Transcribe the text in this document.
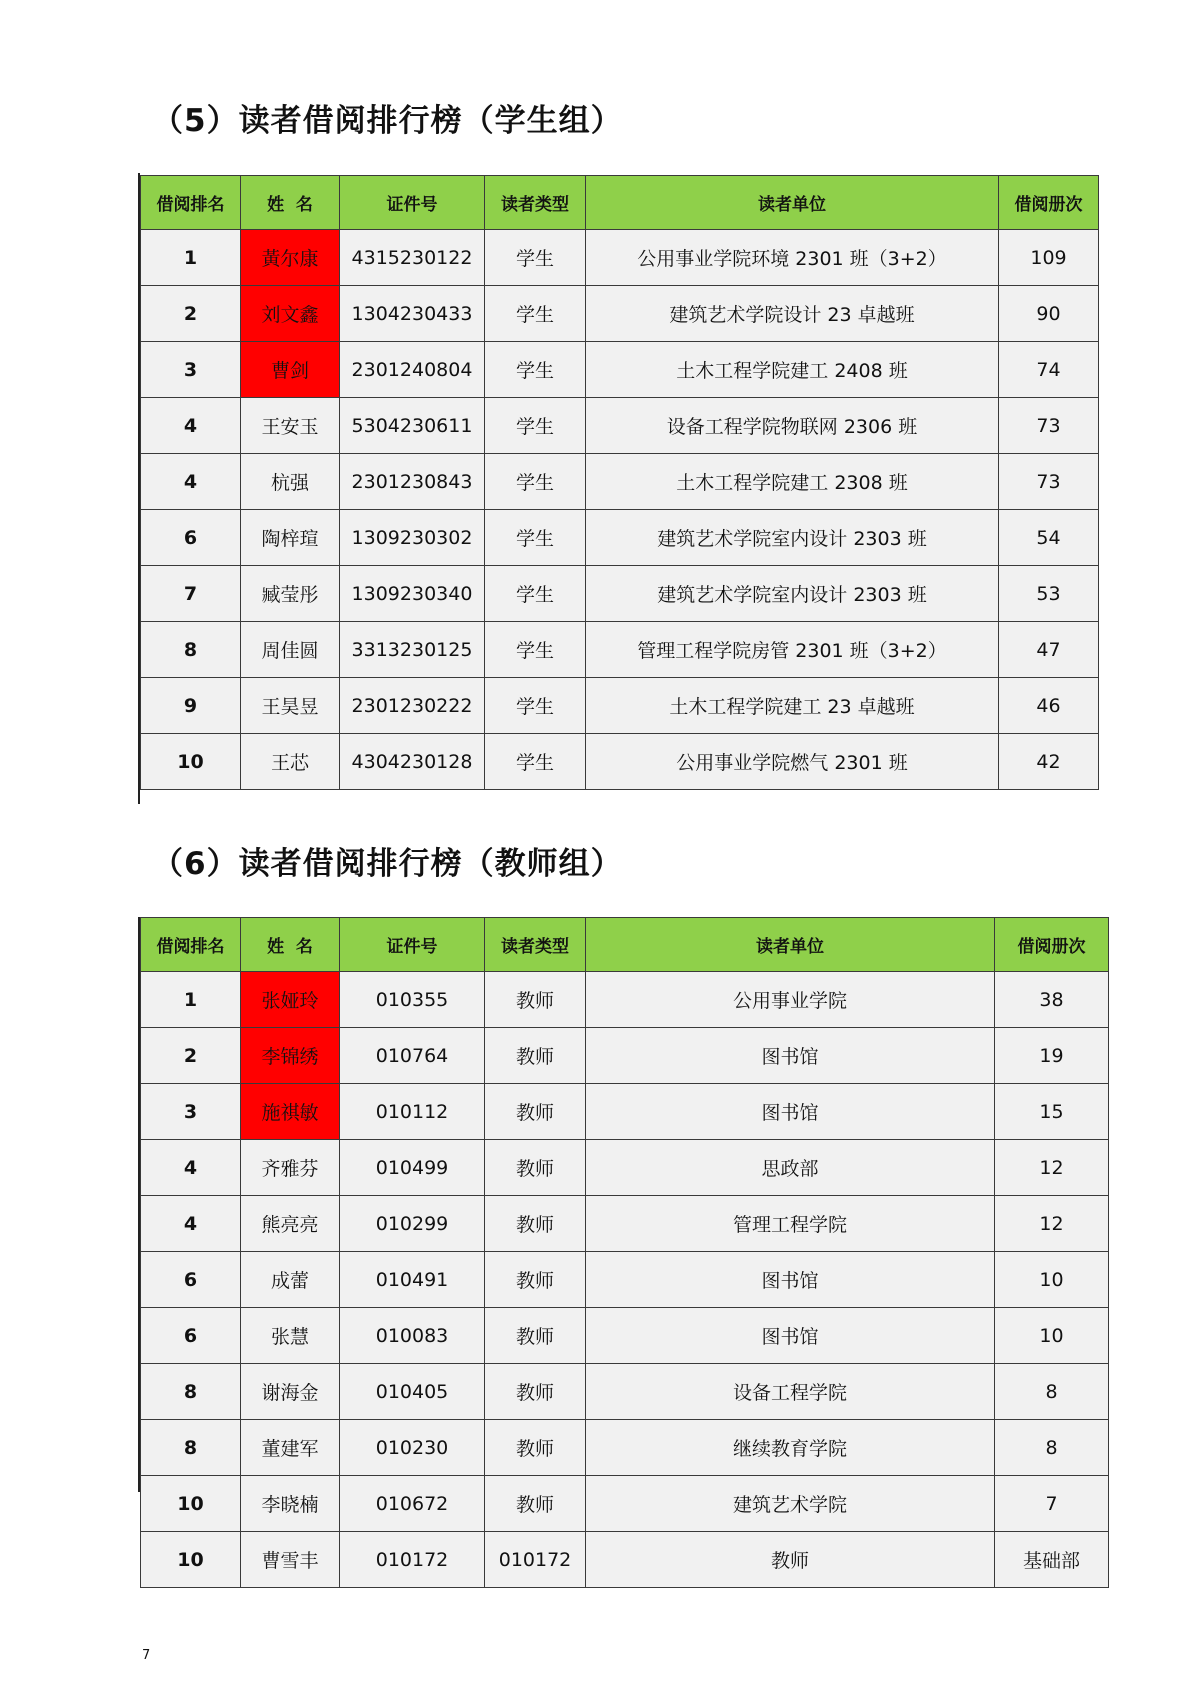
（5）读者借阅排行榜（学生组）
借阅排名	姓  名	证件号	读者类型	读者单位	借阅册次
1	黃尔康	4315230122	学生	公用事业学院环境 2301 班（3+2）	109
2	刘文鑫	1304230433	学生	建筑艺术学院设计 23 卓越班	90
3	曹剑	2301240804	学生	土木工程学院建工 2408 班	74
4	王安玉	5304230611	学生	设备工程学院物联网 2306 班	73
4	杭强	2301230843	学生	土木工程学院建工 2308 班	73
6	陶梓瑄	1309230302	学生	建筑艺术学院室内设计 2303 班	54
7	臧莹彤	1309230340	学生	建筑艺术学院室内设计 2303 班	53
8	周佳圆	3313230125	学生	管理工程学院房管 2301 班（3+2）	47
9	王昊昱	2301230222	学生	土木工程学院建工 23 卓越班	46
10	王芯	4304230128	学生	公用事业学院燃气 2301 班	42
（6）读者借阅排行榜（教师组）
借阅排名	姓  名	证件号	读者类型	读者单位	借阅册次
1	张娅玲	010355	教师	公用事业学院	38
2	李锦绣	010764	教师	图书馆	19
3	施祺敏	010112	教师	图书馆	15
4	齐雅芬	010499	教师	思政部	12
4	熊亮亮	010299	教师	管理工程学院	12
6	成蕾	010491	教师	图书馆	10
6	张慧	010083	教师	图书馆	10
8	谢海金	010405	教师	设备工程学院	8
8	董建军	010230	教师	继续教育学院	8
10	李晓楠	010672	教师	建筑艺术学院	7
10	曹雪丰	010172	010172	教师	基础部
7
